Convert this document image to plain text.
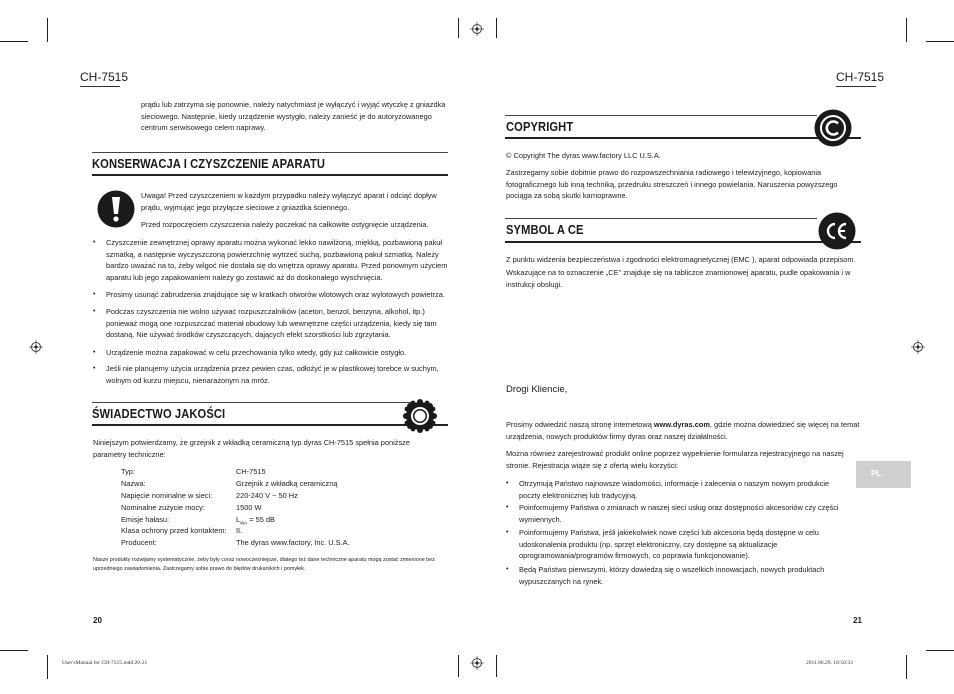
CH-7515	CH-7515
prądu lub zatrzyma się ponownie, należy natychmiast je wyłączyć i wyjąć wtyczkę z gniazdka sieciowego. Następnie, kiedy urządzenie wystygło, należy zanieść je do autoryzowanego centrum serwisowego celem naprawy.
KONSERWACJA I CZYSZCZENIE APARATU
Uwaga! Przed czyszczeniem w każdym przypadku należy wyłączyć aparat i odciąć dopływ prądu, wyjmując jego przyłącze sieciowe z gniazdka ściennego.
Przed rozpoczęciem czyszczenia należy poczekać na całkowite ostygnięcie urządzenia.
• Czyszczenie zewnętrznej oprawy aparatu można wykonać lekko nawilżoną, miękką, pozbawioną pakuł szmatką, a następnie wyczyszczoną powierzchnię wytrzeć suchą, pozbawioną pakuł szmatką. Należy bardzo uważać na to, żeby wilgoć nie dostała się do wnętrza oprawy aparatu. Przed ponownym użyciem aparatu lub jego zapakowaniem należy go zostawić aż do doskonałego wyschnięcia.
• Prosimy usunąć zabrudzenia znajdujące się w kratkach otworów wlotowych oraz wylotowych powietrza.
• Podczas czyszczenia nie wolno używać rozpuszczalników (aceton, benzol, benzyna, alkohol, itp.) ponieważ mogą one rozpuszczać materiał obudowy lub wewnętrzne części urządzenia, kiedy się tam dostaną. Nie używać środków czyszczących, dających efekt szorstkości lub zgrzytania.
• Urządzenie można zapakować w celu przechowania tylko wtedy, gdy już całkowicie ostygło.
• Jeśli nie planujemy użycia urządzenia przez pewien czas, odłożyć je w plastikowej torebce w suchym, wolnym od kurzu miejscu, nienarażonym na mróz.
ŚWIADECTWO JAKOŚCI
Niniejszym potwierdzamy, że grzejnik z wkładką ceramiczną typ dyras CH-7515 spełnia poniższe parametry techniczne:
Typ:	CH-7515
Nazwa:	Grzejnik z wkładką ceramiczną
Napięcie nominalne w sieci:	220-240 V ~ 50 Hz
Nominalne zużycie mocy:	1500 W
Emisje hałasu:	$L_{WA} = 55$ dB
Klasa ochrony przed kontaktem: II.
Producent:	The dyras www.factory, Inc. U.S.A.
Nasze produkty rozwijamy systematycznie, żeby były coraz nowocześniejsze, dlatego też dane techniczne aparatu mogą zostać zmienione bez uprzedniego zawiadomienia. Zastrzegamy sobie prawo do błędów drukarskich i pomyłek.
20
COPYRIGHT
© Copyright The dyras www.factory LLC U.S.A.
Zastrzegamy sobie dobitnie prawo do rozpowszechniania radiowego i telewizyjnego, kopiowania fotograficznego lub inną techniką, przedruku streszczeń i innego powielania. Naruszenia powyższego pociąga za sobą skutki karnoprawne.
SYMBOL A CE
Z punktu widzenia bezpieczeństwa i zgodności elektromagnetycznej (EMC ), aparat odpowiada przepisom.
Wskazujące na to oznaczenie „CE" znajduje się na tabliczce znamionowej aparatu, pudle opakowania i w instrukcji obsługi.
Drogi Kliencie,
Prosimy odwiedzić naszą stronę internetową www.dyras.com, gdzie można dowiedzieć się więcej na temat urządzenia, nowych produktów firmy dyras oraz naszej działalności.
Można również zarejestrować produkt online poprzez wypełnienie formularza rejestracyjnego na naszej stronie. Rejestracja wiąże się z ofertą wielu korzyści:
• Otrzymują Państwo najnowsze wiadomości, informacje i zalecenia o naszym nowym produkcie poczty elektronicznej lub tradycyjną.
• Poinformujemy Państwa o zmianach w naszej sieci usług oraz dostępności akcesoriów czy części wymiennych.
• Poinformujemy Państwa, jeśli jakiekolwiek nowe części lub akcesoria będą dostępne w celu udoskonalenia produktu (np. sprzęt elektroniczny, czy dostępne są aktualizacje oprogramowania/programów firmowych, co poprawia funkcjonowanie).
• Będą Państwo pierwszymi, którzy dowiedzą się o wszelkich innowacjach, nowych produktach wypuszczanych na rynek.
PL
21
User'sManual for CH-7515.indd 20-21	2011.06.29. 18:50:33
